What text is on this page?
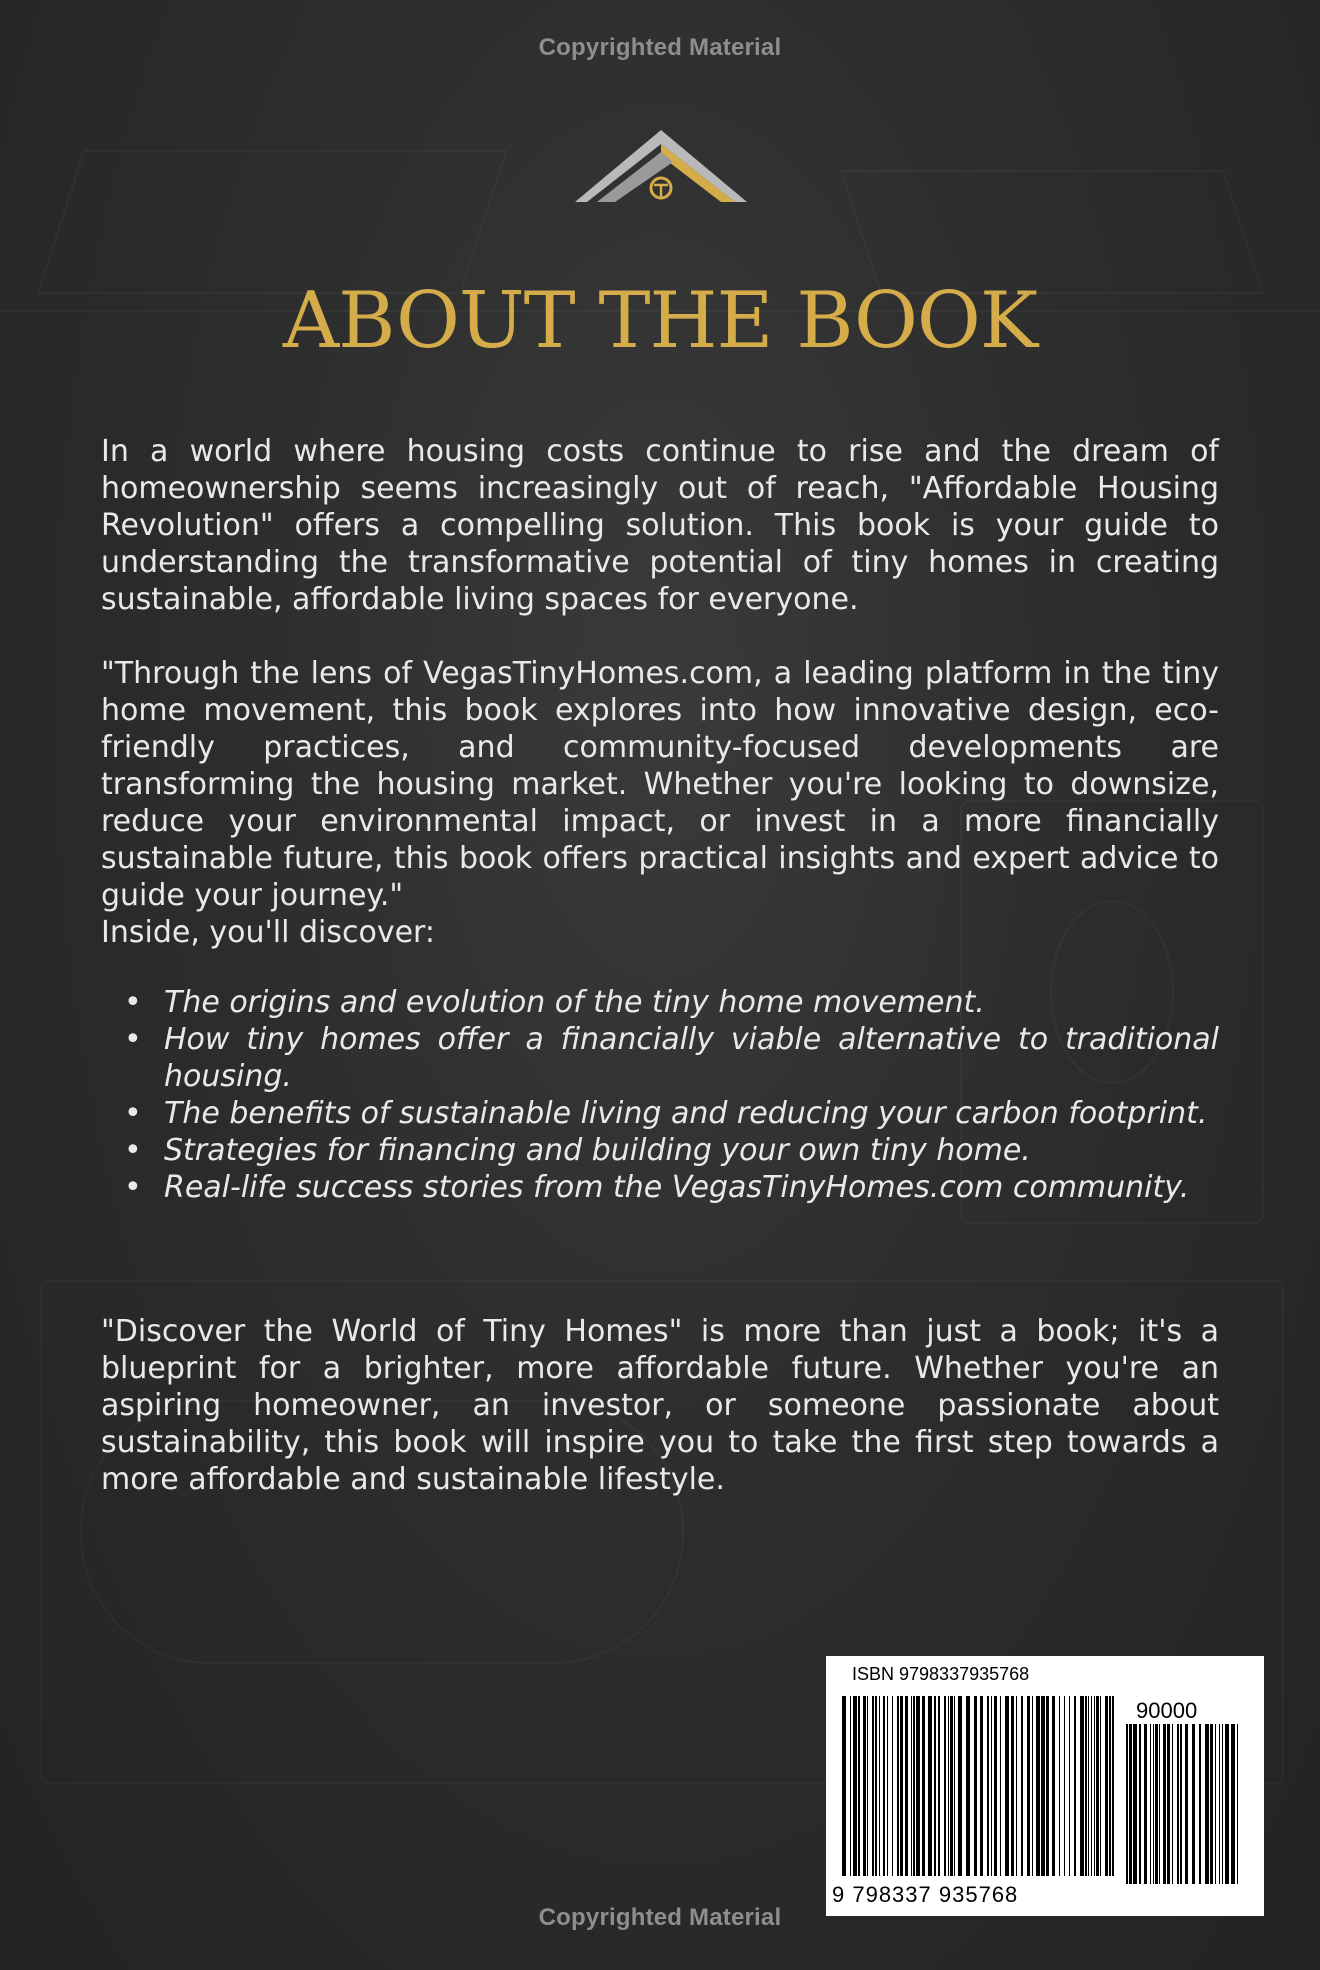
Copyrighted Material
ABOUT THE BOOK

In a world where housing costs continue to rise and the dream of homeownership seems increasingly out of reach, "Affordable Housing Revolution" offers a compelling solution. This book is your guide to understanding the transformative potential of tiny homes in creating sustainable, affordable living spaces for everyone.

"Through the lens of VegasTinyHomes.com, a leading platform in the tiny home movement, this book explores into how innovative design, eco-friendly practices, and community-focused developments are transforming the housing market. Whether you're looking to downsize, reduce your environmental impact, or invest in a more financially sustainable future, this book offers practical insights and expert advice to guide your journey."

Inside, you'll discover:
• The origins and evolution of the tiny home movement.
• How tiny homes offer a financially viable alternative to traditional housing.
• The benefits of sustainable living and reducing your carbon footprint.
• Strategies for financing and building your own tiny home.
• Real-life success stories from the VegasTinyHomes.com community.

"Discover the World of Tiny Homes" is more than just a book; it's a blueprint for a brighter, more affordable future. Whether you're an aspiring homeowner, an investor, or someone passionate about sustainability, this book will inspire you to take the first step towards a more affordable and sustainable lifestyle.

ISBN 9798337935768
90000
9 798337 935768
Copyrighted Material
